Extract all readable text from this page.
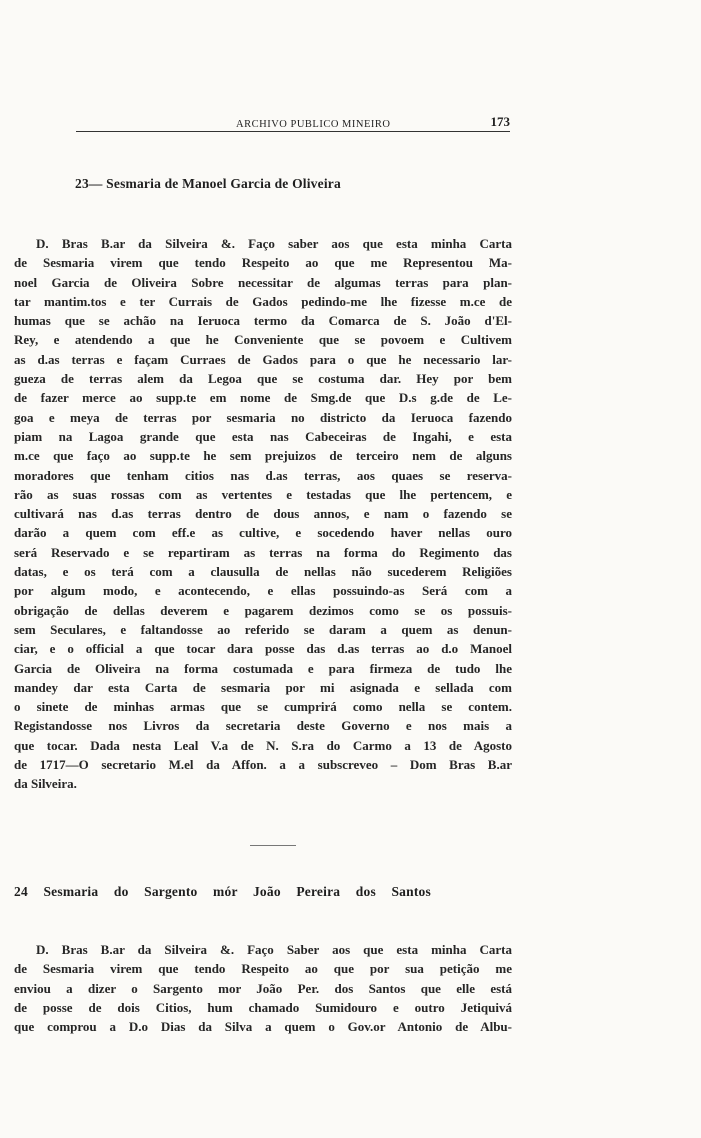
ARCHIVO PUBLICO MINEIRO	173
23— Sesmaria de Manoel Garcia de Oliveira
D. Bras B.ar da Silveira &. Faço saber aos que esta minha Carta
de Sesmaria virem que tendo Respeito ao que me Representou Ma-
noel Garcia de Oliveira Sobre necessitar de algumas terras para plan-
tar mantim.tos e ter Currais de Gados pedindo-me lhe fizesse m.ce de
humas que se achão na Ieruoca termo da Comarca de S. João d'El-
Rey, e atendendo a que he Conveniente que se povoem e Cultivem
as d.as terras e façam Curraes de Gados para o que he necessario lar-
gueza de terras alem da Legoa que se costuma dar. Hey por bem
de fazer merce ao supp.te em nome de Smg.de que D.s g.de de Le-
goa e meya de terras por sesmaria no districto da Ieruoca fazendo
piam na Lagoa grande que esta nas Cabeceiras de Ingahi, e esta
m.ce que faço ao supp.te he sem prejuizos de terceiro nem de alguns
moradores que tenham citios nas d.as terras, aos quaes se reserva-
rão as suas rossas com as vertentes e testadas que lhe pertencem, e
cultivará nas d.as terras dentro de dous annos, e nam o fazendo se
darão a quem com eff.e as cultive, e socedendo haver nellas ouro
será Reservado e se repartiram as terras na forma do Regimento das
datas, e os terá com a clausulla de nellas não sucederem Religiões
por algum modo, e acontecendo, e ellas possuindo-as Será com a
obrigação de dellas deverem e pagarem dezimos como se os possuis-
sem Seculares, e faltandosse ao referido se daram a quem as denun-
ciar, e o official a que tocar dara posse das d.as terras ao d.o Manoel
Garcia de Oliveira na forma costumada e para firmeza de tudo lhe
mandey dar esta Carta de sesmaria por mi asignada e sellada com
o sinete de minhas armas que se cumprirá como nella se contem.
Registandosse nos Livros da secretaria deste Governo e nos mais a
que tocar. Dada nesta Leal V.a de N. S.ra do Carmo a 13 de Agosto
de 1717—O secretario M.el da Affon. a a subscreveo – Dom Bras B.ar
da Silveira.
24 Sesmaria do Sargento mór João Pereira dos Santos
D. Bras B.ar da Silveira &. Faço Saber aos que esta minha Carta
de Sesmaria virem que tendo Respeito ao que por sua petição me
enviou a dizer o Sargento mor João Per. dos Santos que elle está
de posse de dois Citios, hum chamado Sumidouro e outro Jetiquivá
que comprou a D.o Dias da Silva a quem o Gov.or Antonio de Albu-
